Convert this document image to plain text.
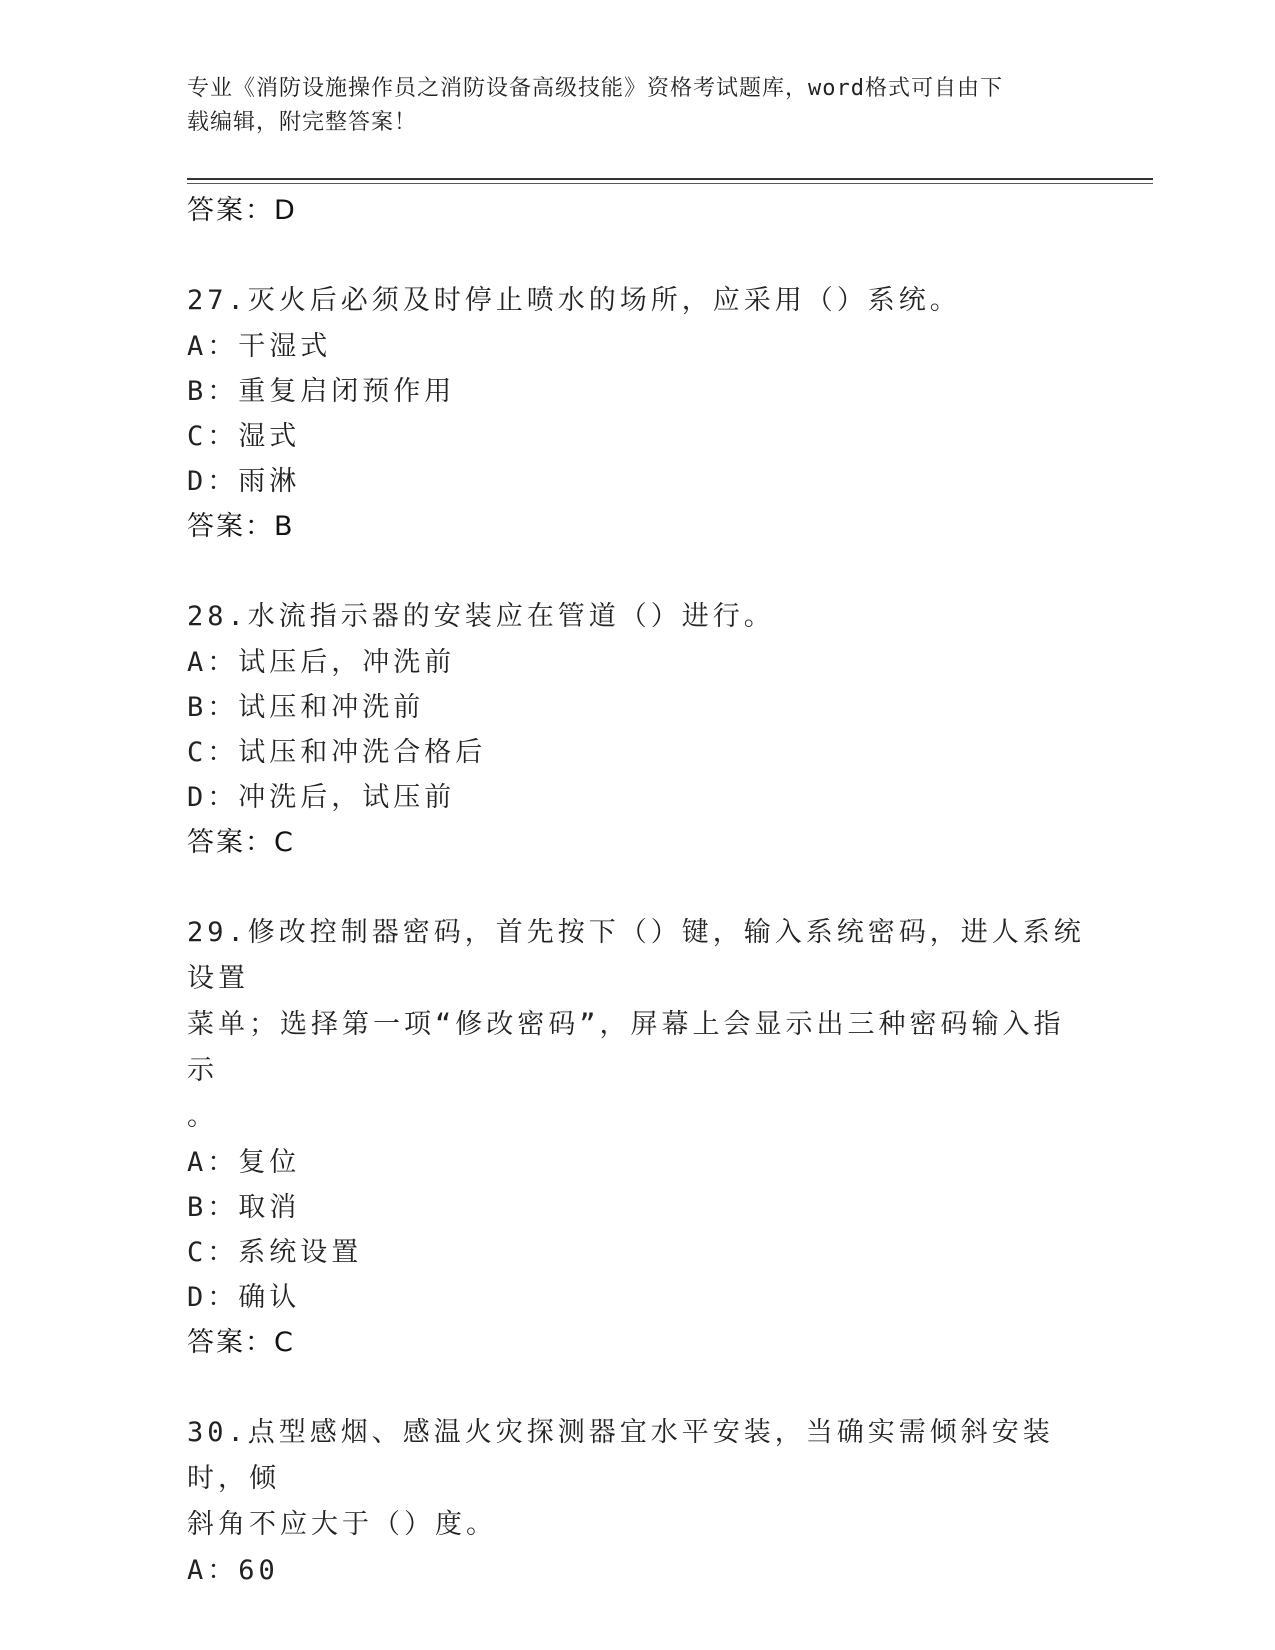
专业《消防设施操作员之消防设备高级技能》资格考试题库，word格式可自由下
载编辑，附完整答案！
答案：D
27.灭火后必须及时停止喷水的场所，应采用（）系统。
A：干湿式
B：重复启闭预作用
C：湿式
D：雨淋
答案：B
28.水流指示器的安装应在管道（）进行。
A：试压后，冲洗前
B：试压和冲洗前
C：试压和冲洗合格后
D：冲洗后，试压前
答案：C
29.修改控制器密码，首先按下（）键，输入系统密码，进人系统设置
菜单；选择第一项“修改密码”，屏幕上会显示出三种密码输入指示
。
A：复位
B：取消
C：系统设置
D：确认
答案：C
30.点型感烟、感温火灾探测器宜水平安装，当确实需倾斜安装时，倾
斜角不应大于（）度。
A：60
